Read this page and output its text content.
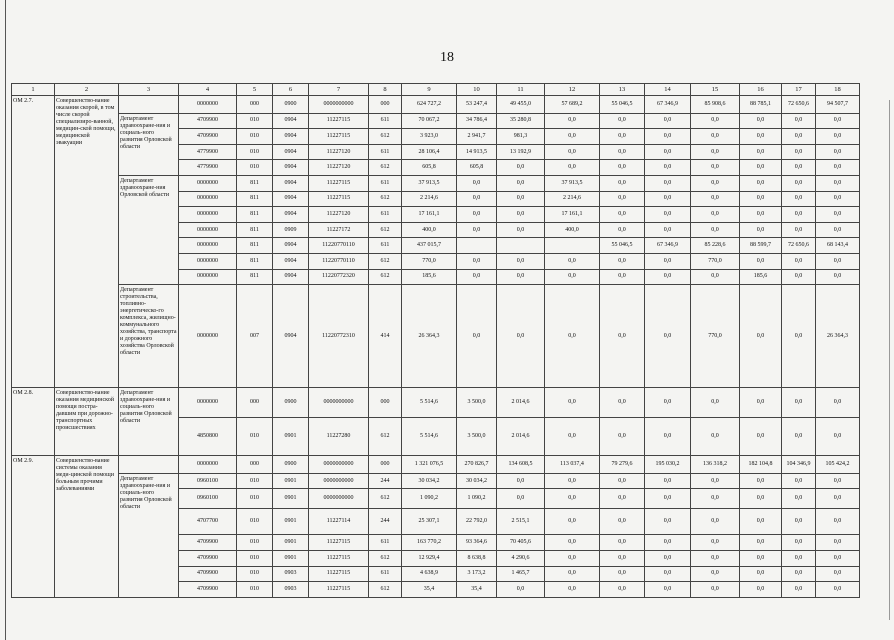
18
1	2	3	4	5	6	7	8	9	10	11	12	13	14	15	16	17	18
ОМ 2.7.	Совершенство-вание оказания скорой, в том числе скорой специализиро-ванной, медицин-ской помощи, медицинской эвакуации		0000000	000	0900	0000000000	000	624 727,2	53 247,4	49 455,0	57 689,2	55 046,5	67 346,9	85 908,6	88 785,1	72 650,6	94 507,7
		Департамент здравоохране-ния и социаль-ного развития Орловской области	4709900	010	0904	11227115	611	70 067,2	34 786,4	35 280,8	0,0	0,0	0,0	0,0	0,0	0,0	0,0
			4709900	010	0904	11227115	612	3 923,0	2 941,7	981,3	0,0	0,0	0,0	0,0	0,0	0,0	0,0
			4779900	010	0904	11227120	611	28 106,4	14 913,5	13 192,9	0,0	0,0	0,0	0,0	0,0	0,0	0,0
			4779900	010	0904	11227120	612	605,8	605,8	0,0	0,0	0,0	0,0	0,0	0,0	0,0	0,0
		Департамент здравоохране-ния Орловской области	0000000	811	0904	11227115	611	37 913,5	0,0	0,0	37 913,5	0,0	0,0	0,0	0,0	0,0	0,0
			0000000	811	0904	11227115	612	2 214,6	0,0	0,0	2 214,6	0,0	0,0	0,0	0,0	0,0	0,0
			0000000	811	0904	11227120	611	17 161,1	0,0	0,0	17 161,1	0,0	0,0	0,0	0,0	0,0	0,0
			0000000	811	0909	11227172	612	400,0	0,0	0,0	400,0	0,0	0,0	0,0	0,0	0,0	0,0
			0000000	811	0904	11220770110	611	437 015,7				55 046,5	67 346,9	85 228,6	88 599,7	72 650,6	68 143,4
			0000000	811	0904	11220770110	612	770,0	0,0	0,0	0,0	0,0	0,0	770,0	0,0	0,0	0,0
			0000000	811	0904	11220772320	612	185,6	0,0	0,0	0,0	0,0	0,0	0,0	185,6	0,0	0,0
		Департамент строительства, топливно-энергетическо-го комплекса, жилищно-коммунального хозяйства, транспорта и дорожного хозяйства Орловской области	0000000	007	0904	11220772310	414	26 364,3	0,0	0,0	0,0	0,0	0,0	770,0	0,0	0,0	26 364,3
ОМ 2.8.	Совершенство-вание оказания медицинской помощи постра-давшим при дорожно-транспортных происшествиях	Департамент здравоохране-ния и социаль-ного развития Орловской области	0000000	000	0900	0000000000	000	5 514,6	3 500,0	2 014,6	0,0	0,0	0,0	0,0	0,0	0,0	0,0
			4850800	010	0901	11227280	612	5 514,6	3 500,0	2 014,6	0,0	0,0	0,0	0,0	0,0	0,0	0,0
ОМ 2.9.	Совершенство-вание системы оказания меди-цинской помощи больным прочими заболеваниями		0000000	000	0900	0000000000	000	1 321 076,5	270 826,7	134 608,5	113 037,4	79 279,6	195 030,2	136 318,2	182 104,8	104 346,9	105 424,2
		Департамент здравоохране-ния и социаль-ного развития Орловской области	0960100	010	0901	0000000000	244	30 034,2	30 034,2	0,0	0,0	0,0	0,0	0,0	0,0	0,0	0,0
			0960100	010	0901	0000000000	612	1 090,2	1 090,2	0,0	0,0	0,0	0,0	0,0	0,0	0,0	0,0
			4707700	010	0901	11227114	244	25 307,1	22 792,0	2 515,1	0,0	0,0	0,0	0,0	0,0	0,0	0,0
			4709900	010	0901	11227115	611	163 770,2	93 364,6	70 405,6	0,0	0,0	0,0	0,0	0,0	0,0	0,0
			4709900	010	0901	11227115	612	12 929,4	8 638,8	4 290,6	0,0	0,0	0,0	0,0	0,0	0,0	0,0
			4709900	010	0903	11227115	611	4 638,9	3 173,2	1 465,7	0,0	0,0	0,0	0,0	0,0	0,0	0,0
			4709900	010	0903	11227115	612	35,4	35,4	0,0	0,0	0,0	0,0	0,0	0,0	0,0	0,0
